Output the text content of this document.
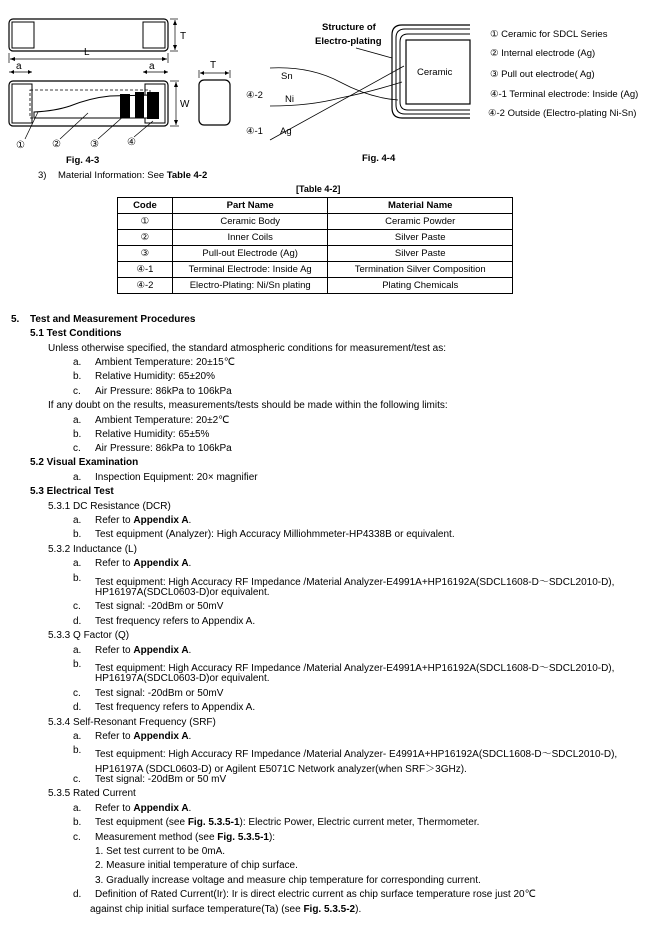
T
L
a	a
W
①	②	③	④
Fig. 4-3
T
Structure of
Electro-plating
Sn
Ni
Ag
④-2
④-1
Ceramic
Fig. 4-4
① Ceramic for SDCL Series
② Internal electrode (Ag)
③ Pull out electrode( Ag)
④-1 Terminal electrode: Inside (Ag)
④-2 Outside (Electro-plating Ni-Sn)
3) Material Information: See Table 4-2
[Table 4-2]
Code	Part Name	Material Name
①	Ceramic Body	Ceramic Powder
②	Inner Coils	Silver Paste
③	Pull-out Electrode (Ag)	Silver Paste
④-1	Terminal Electrode: Inside Ag	Termination Silver Composition
④-2	Electro-Plating: Ni/Sn plating	Plating Chemicals
5. Test and Measurement Procedures
5.1 Test Conditions
Unless otherwise specified, the standard atmospheric conditions for measurement/test as:
a. Ambient Temperature: 20±15℃
b. Relative Humidity: 65±20%
c. Air Pressure: 86kPa to 106kPa
If any doubt on the results, measurements/tests should be made within the following limits:
a. Ambient Temperature: 20±2℃
b. Relative Humidity: 65±5%
c. Air Pressure: 86kPa to 106kPa
5.2 Visual Examination
a. Inspection Equipment: 20× magnifier
5.3 Electrical Test
5.3.1 DC Resistance (DCR)
a. Refer to Appendix A.
b. Test equipment (Analyzer): High Accuracy Milliohmmeter-HP4338B or equivalent.
5.3.2 Inductance (L)
a. Refer to Appendix A.
b. Test equipment: High Accuracy RF Impedance /Material Analyzer-E4991A+HP16192A(SDCL1608-D～SDCL2010-D),
HP16197A(SDCL0603-D)or equivalent.
c. Test signal: -20dBm or 50mV
d. Test frequency refers to Appendix A.
5.3.3 Q Factor (Q)
a. Refer to Appendix A.
b. Test equipment: High Accuracy RF Impedance /Material Analyzer-E4991A+HP16192A(SDCL1608-D～SDCL2010-D),
HP16197A(SDCL0603-D)or equivalent.
c. Test signal: -20dBm or 50mV
d. Test frequency refers to Appendix A.
5.3.4 Self-Resonant Frequency (SRF)
a. Refer to Appendix A.
b. Test equipment: High Accuracy RF Impedance /Material Analyzer- E4991A+HP16192A(SDCL1608-D～SDCL2010-D),
HP16197A (SDCL0603-D) or Agilent E5071C Network analyzer(when SRF＞3GHz).
c. Test signal: -20dBm or 50 mV
5.3.5 Rated Current
a. Refer to Appendix A.
b. Test equipment (see Fig. 5.3.5-1): Electric Power, Electric current meter, Thermometer.
c. Measurement method (see Fig. 5.3.5-1):
1. Set test current to be 0mA.
2. Measure initial temperature of chip surface.
3. Gradually increase voltage and measure chip temperature for corresponding current.
d. Definition of Rated Current(Ir): Ir is direct electric current as chip surface temperature rose just 20℃
against chip initial surface temperature(Ta) (see Fig. 5.3.5-2).
